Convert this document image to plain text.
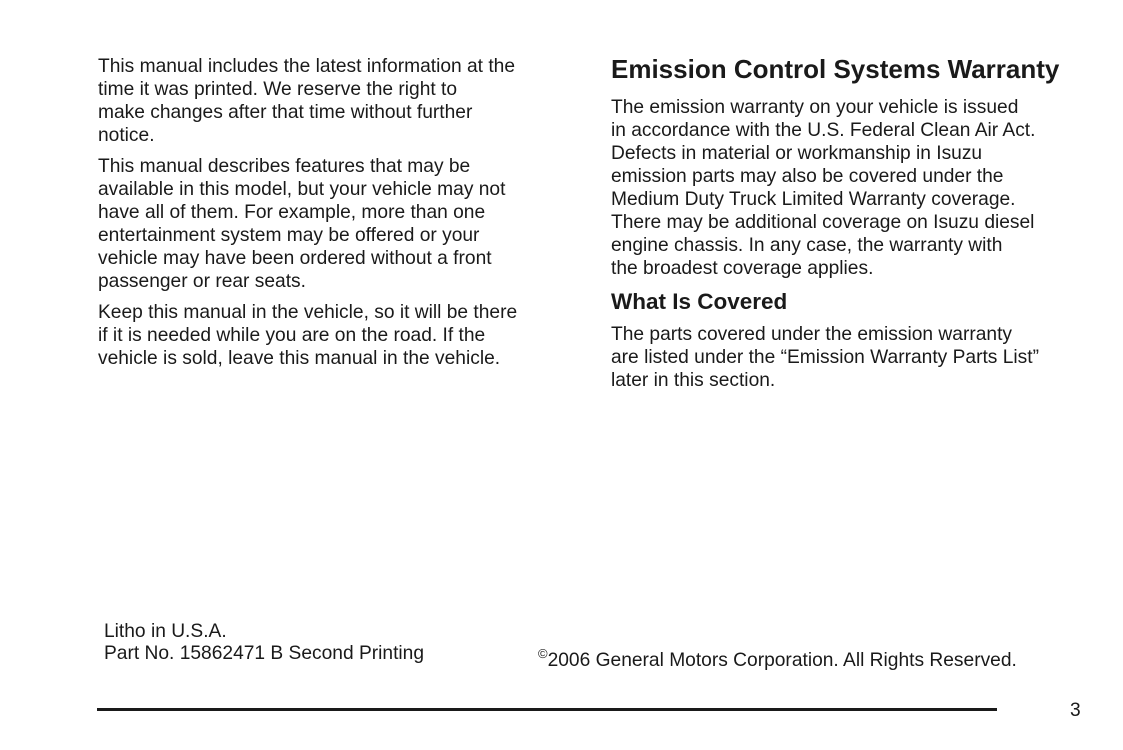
This manual includes the latest information at the
time it was printed. We reserve the right to
make changes after that time without further
notice.

This manual describes features that may be
available in this model, but your vehicle may not
have all of them. For example, more than one
entertainment system may be offered or your
vehicle may have been ordered without a front
passenger or rear seats.

Keep this manual in the vehicle, so it will be there
if it is needed while you are on the road. If the
vehicle is sold, leave this manual in the vehicle.

Emission Control Systems Warranty

The emission warranty on your vehicle is issued
in accordance with the U.S. Federal Clean Air Act.
Defects in material or workmanship in Isuzu
emission parts may also be covered under the
Medium Duty Truck Limited Warranty coverage.
There may be additional coverage on Isuzu diesel
engine chassis. In any case, the warranty with
the broadest coverage applies.

What Is Covered

The parts covered under the emission warranty
are listed under the “Emission Warranty Parts List”
later in this section.

Litho in U.S.A.
Part No. 15862471 B Second Printing	©2006 General Motors Corporation. All Rights Reserved.
3
